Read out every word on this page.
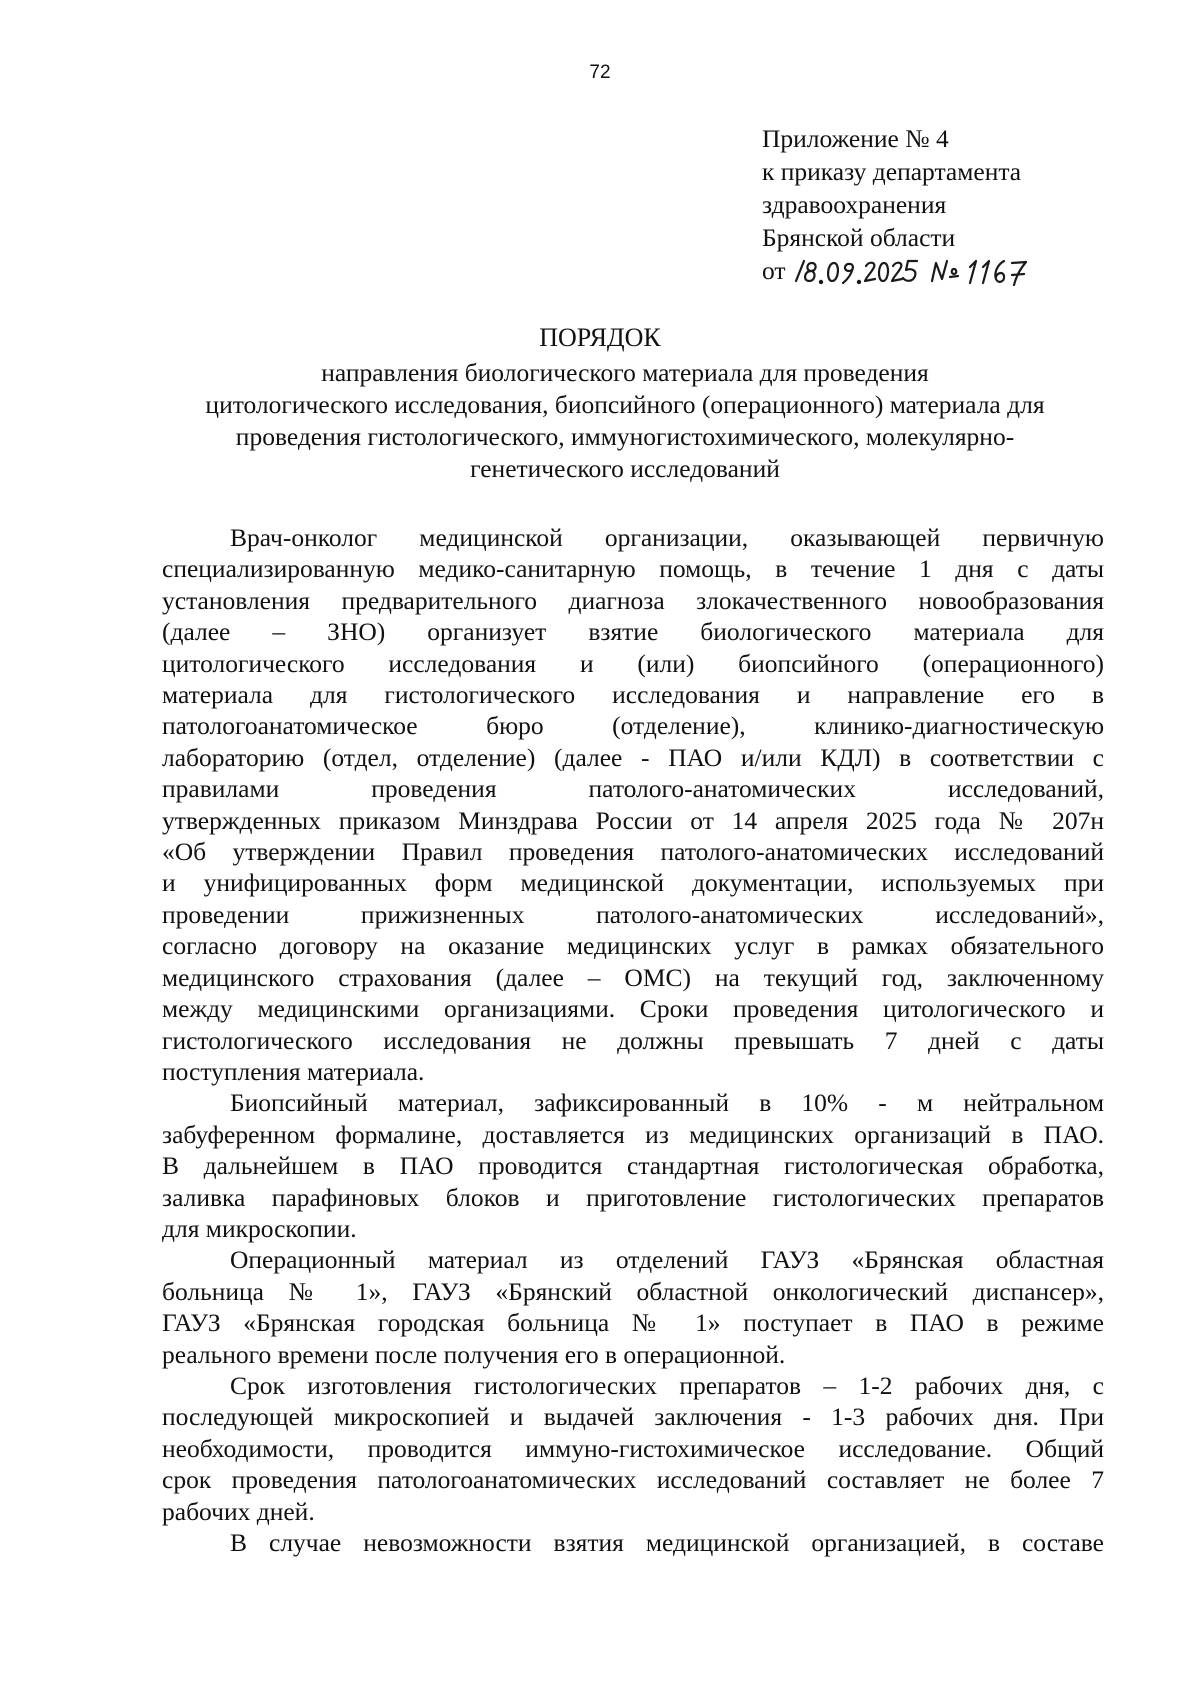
72
Приложение № 4
к приказу департамента
здравоохранения
Брянской области
от
ПОРЯДОК
направления биологического материала для проведения
цитологического исследования, биопсийного (операционного) материала для
проведения гистологического, иммуногистохимического, молекулярно-
генетического исследований
Врач-онколог медицинской организации, оказывающей первичную
специализированную медико-санитарную помощь, в течение 1 дня с даты
установления предварительного диагноза злокачественного новообразования
(далее – ЗНО) организует взятие биологического материала для
цитологического исследования и (или) биопсийного (операционного)
материала для гистологического исследования и направление его в
патологоанатомическое бюро (отделение), клинико-диагностическую
лабораторию (отдел, отделение) (далее - ПАО и/или КДЛ) в соответствии с
правилами проведения патолого-анатомических исследований,
утвержденных приказом Минздрава России от 14 апреля 2025 года № 207н
«Об утверждении Правил проведения патолого-анатомических исследований
и унифицированных форм медицинской документации, используемых при
проведении прижизненных патолого-анатомических исследований»,
согласно договору на оказание медицинских услуг в рамках обязательного
медицинского страхования (далее – ОМС) на текущий год, заключенному
между медицинскими организациями. Сроки проведения цитологического и
гистологического исследования не должны превышать 7 дней с даты
поступления материала.
Биопсийный материал, зафиксированный в 10% - м нейтральном
забуференном формалине, доставляется из медицинских организаций в ПАО.
В дальнейшем в ПАО проводится стандартная гистологическая обработка,
заливка парафиновых блоков и приготовление гистологических препаратов
для микроскопии.
Операционный материал из отделений ГАУЗ «Брянская областная
больница № 1», ГАУЗ «Брянский областной онкологический диспансер»,
ГАУЗ «Брянская городская больница № 1» поступает в ПАО в режиме
реального времени после получения его в операционной.
Срок изготовления гистологических препаратов – 1-2 рабочих дня, с
последующей микроскопией и выдачей заключения - 1-3 рабочих дня. При
необходимости, проводится иммуно-гистохимическое исследование. Общий
срок проведения патологоанатомических исследований составляет не более 7
рабочих дней.
В случае невозможности взятия медицинской организацией, в составе
